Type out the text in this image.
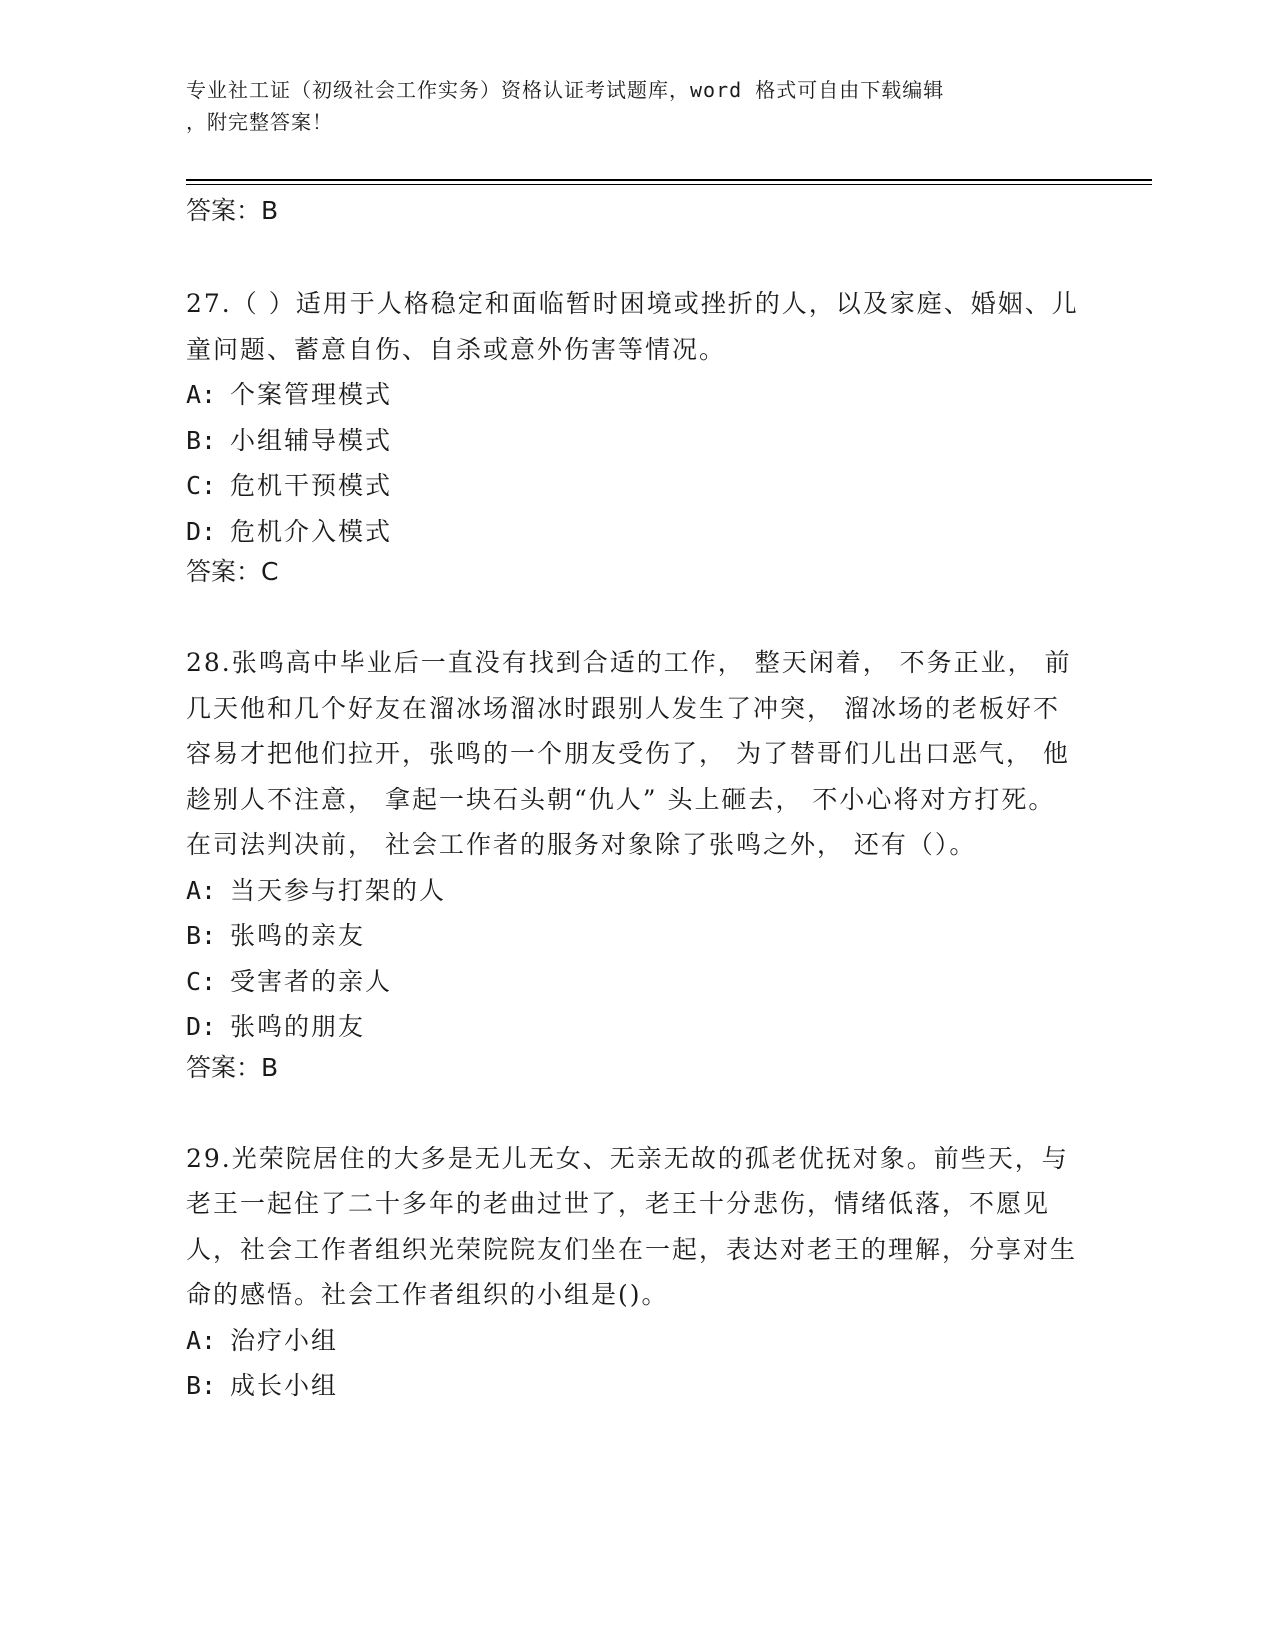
专业社工证（初级社会工作实务）资格认证考试题库，word 格式可自由下载编辑
，附完整答案！
答案：B

27.（ ）适用于人格稳定和面临暂时困境或挫折的人，以及家庭、婚姻、儿童问题、蓄意自伤、自杀或意外伤害等情况。

A: 个案管理模式
B: 小组辅导模式
C: 危机干预模式
D: 危机介入模式
答案：C

28.张鸣高中毕业后一直没有找到合适的工作， 整天闲着， 不务正业， 前几天他和几个好友在溜冰场溜冰时跟别人发生了冲突， 溜冰场的老板好不容易才把他们拉开，张鸣的一个朋友受伤了， 为了替哥们儿出口恶气， 他趁别人不注意， 拿起一块石头朝“仇人” 头上砸去， 不小心将对方打死。 在司法判决前， 社会工作者的服务对象除了张鸣之外， 还有（）。

A: 当天参与打架的人
B: 张鸣的亲友
C: 受害者的亲人
D: 张鸣的朋友
答案：B

29.光荣院居住的大多是无儿无女、无亲无故的孤老优抚对象。前些天，与老王一起住了二十多年的老曲过世了，老王十分悲伤，情绪低落，不愿见人，社会工作者组织光荣院院友们坐在一起，表达对老王的理解，分享对生命的感悟。社会工作者组织的小组是()。

A: 治疗小组
B: 成长小组
